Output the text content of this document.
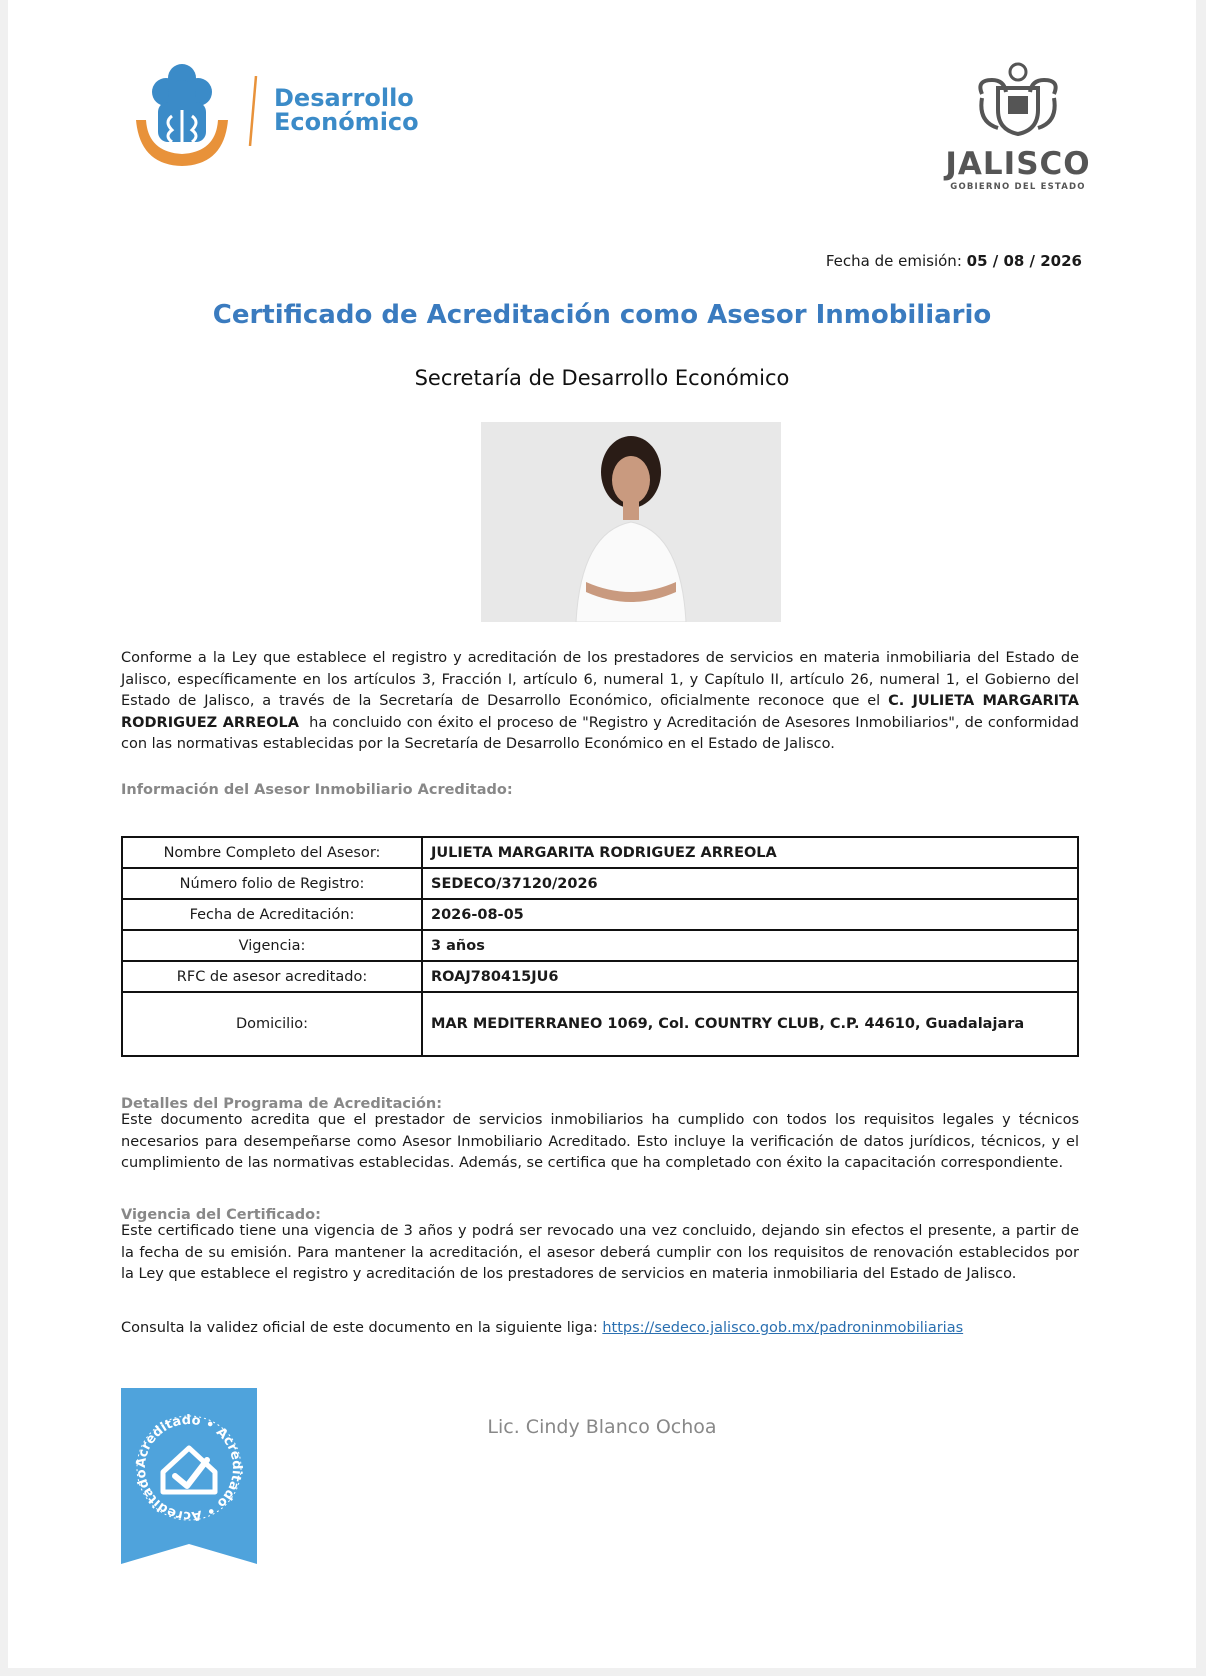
Desarrollo
Económico
JALISCO
GOBIERNO DEL ESTADO
Fecha de emisión: 05 / 08 / 2026
Certificado de Acreditación como Asesor Inmobiliario
Secretaría de Desarrollo Económico
Conforme a la Ley que establece el registro y acreditación de los prestadores de servicios en materia inmobiliaria del Estado de Jalisco, específicamente en los artículos 3, Fracción I, artículo 6, numeral 1, y Capítulo II, artículo 26, numeral 1, el Gobierno del Estado de Jalisco, a través de la Secretaría de Desarrollo Económico, oficialmente reconoce que el C. JULIETA MARGARITA RODRIGUEZ ARREOLA ha concluido con éxito el proceso de "Registro y Acreditación de Asesores Inmobiliarios", de conformidad con las normativas establecidas por la Secretaría de Desarrollo Económico en el Estado de Jalisco.
Información del Asesor Inmobiliario Acreditado:
Nombre Completo del Asesor:	JULIETA MARGARITA RODRIGUEZ ARREOLA
Número folio de Registro:	SEDECO/37120/2026
Fecha de Acreditación:	2026-08-05
Vigencia:	3 años
RFC de asesor acreditado:	ROAJ780415JU6
Domicilio:	MAR MEDITERRANEO 1069, Col. COUNTRY CLUB, C.P. 44610, Guadalajara
Detalles del Programa de Acreditación:
Este documento acredita que el prestador de servicios inmobiliarios ha cumplido con todos los requisitos legales y técnicos necesarios para desempeñarse como Asesor Inmobiliario Acreditado. Esto incluye la verificación de datos jurídicos, técnicos, y el cumplimiento de las normativas establecidas. Además, se certifica que ha completado con éxito la capacitación correspondiente.
Vigencia del Certificado:
Este certificado tiene una vigencia de 3 años y podrá ser revocado una vez concluido, dejando sin efectos el presente, a partir de la fecha de su emisión. Para mantener la acreditación, el asesor deberá cumplir con los requisitos de renovación establecidos por la Ley que establece el registro y acreditación de los prestadores de servicios en materia inmobiliaria del Estado de Jalisco.
Consulta la validez oficial de este documento en la siguiente liga: https://sedeco.jalisco.gob.mx/padroninmobiliarias
Acreditado • Acreditado • Acreditado
Lic. Cindy Blanco Ochoa
